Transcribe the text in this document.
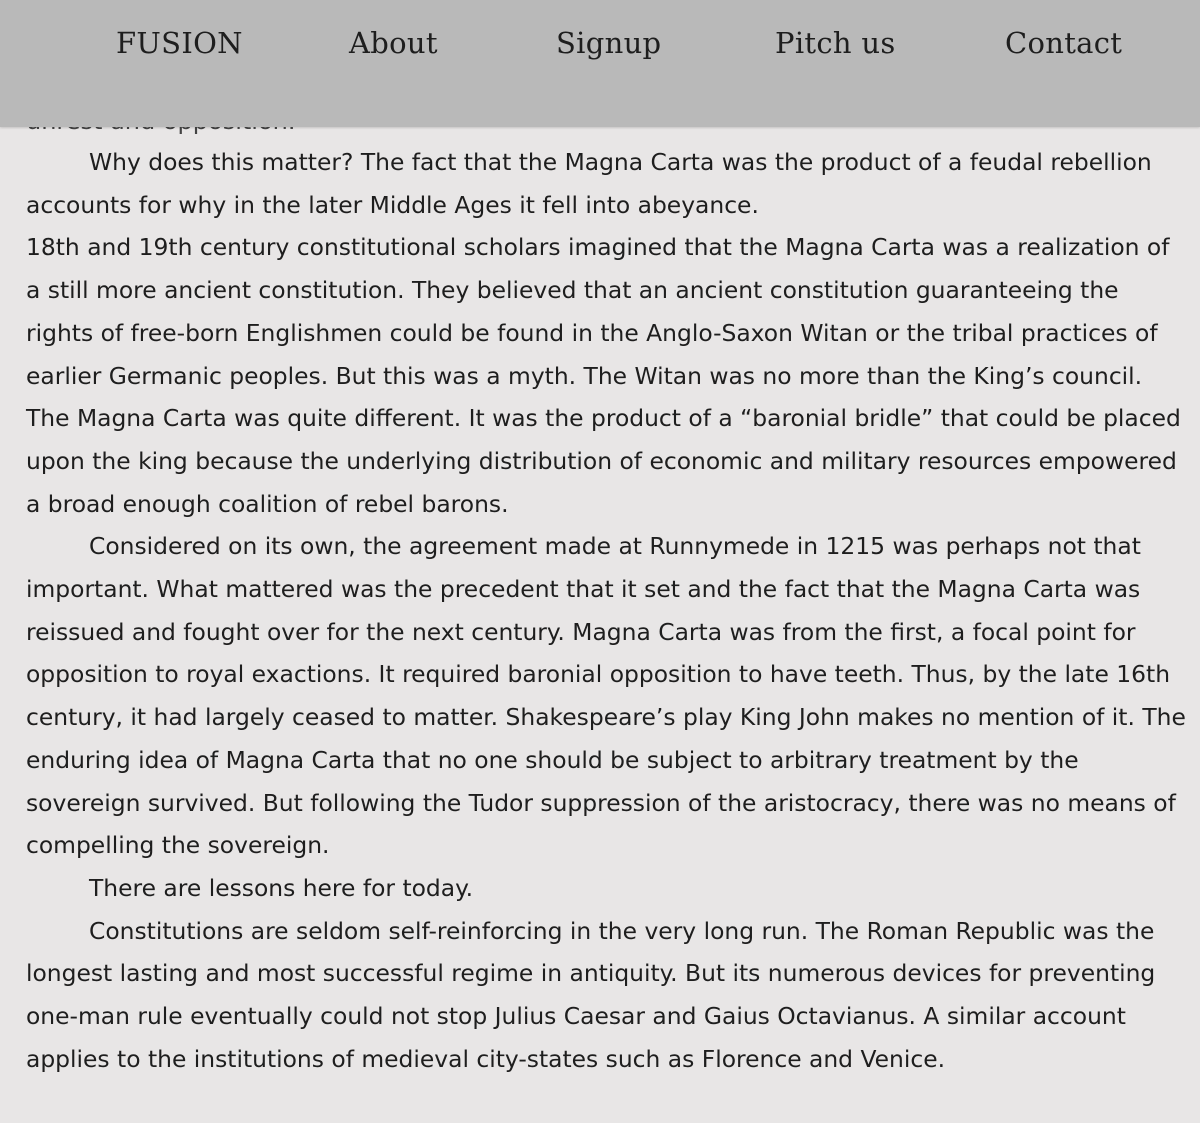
FUSION	About	Signup	Pitch us	Contact

Why does this matter? The fact that the Magna Carta was the product of a feudal rebellion accounts for why in the later Middle Ages it fell into abeyance.

18th and 19th century constitutional scholars imagined that the Magna Carta was a realization of a still more ancient constitution. They believed that an ancient constitution guaranteeing the rights of free-born Englishmen could be found in the Anglo-Saxon Witan or the tribal practices of earlier Germanic peoples. But this was a myth. The Witan was no more than the King’s council. The Magna Carta was quite different. It was the product of a “baronial bridle” that could be placed upon the king because the underlying distribution of economic and military resources empowered a broad enough coalition of rebel barons.

Considered on its own, the agreement made at Runnymede in 1215 was perhaps not that important. What mattered was the precedent that it set and the fact that the Magna Carta was reissued and fought over for the next century. Magna Carta was from the first, a focal point for opposition to royal exactions. It required baronial opposition to have teeth. Thus, by the late 16th century, it had largely ceased to matter. Shakespeare’s play King John makes no mention of it. The enduring idea of Magna Carta that no one should be subject to arbitrary treatment by the sovereign survived. But following the Tudor suppression of the aristocracy, there was no means of compelling the sovereign.

There are lessons here for today.

Constitutions are seldom self-reinforcing in the very long run. The Roman Republic was the longest lasting and most successful regime in antiquity. But its numerous devices for preventing one-man rule eventually could not stop Julius Caesar and Gaius Octavianus. A similar account applies to the institutions of medieval city-states such as Florence and Venice.
